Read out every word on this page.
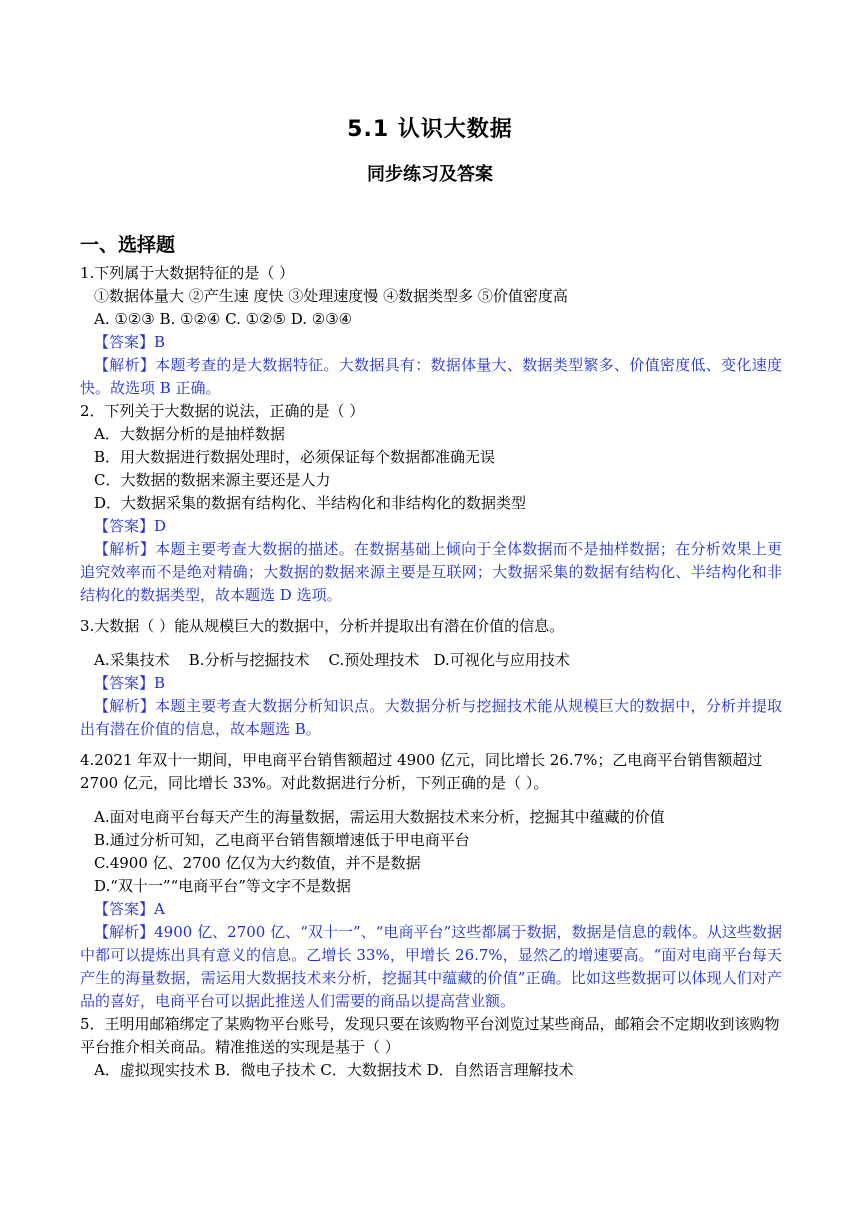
5.1 认识大数据
同步练习及答案
一、选择题

1.下列属于大数据特征的是（ ）

①数据体量大 ②产生速 度快 ③处理速度慢 ④数据类型多 ⑤价值密度高

A. ①②③ B. ①②④ C. ①②⑤ D. ②③④

【答案】B

【解析】本题考查的是大数据特征。大数据具有：数据体量大、数据类型繁多、价值密度低、变化速度快。故选项 B 正确。

2．下列关于大数据的说法，正确的是（ ）

A．大数据分析的是抽样数据

B．用大数据进行数据处理时，必须保证每个数据都准确无误

C．大数据的数据来源主要还是人力

D．大数据采集的数据有结构化、半结构化和非结构化的数据类型

【答案】D

【解析】本题主要考查大数据的描述。在数据基础上倾向于全体数据而不是抽样数据；在分析效果上更追究效率而不是绝对精确；大数据的数据来源主要是互联网；大数据采集的数据有结构化、半结构化和非结构化的数据类型，故本题选 D 选项。

3.大数据（ ）能从规模巨大的数据中，分析并提取出有潜在价值的信息。

A.采集技术    B.分析与挖掘技术    C.预处理技术   D.可视化与应用技术

【答案】B

【解析】本题主要考查大数据分析知识点。大数据分析与挖掘技术能从规模巨大的数据中，分析并提取出有潜在价值的信息，故本题选 B。

4.2021 年双十一期间，甲电商平台销售额超过 4900 亿元，同比增长 26.7%；乙电商平台销售额超过 2700 亿元，同比增长 33%。对此数据进行分析，下列正确的是（ ）。

A.面对电商平台每天产生的海量数据，需运用大数据技术来分析，挖掘其中蕴藏的价值

B.通过分析可知，乙电商平台销售额增速低于甲电商平台

C.4900 亿、2700 亿仅为大约数值，并不是数据

D.“双十一”“电商平台”等文字不是数据

【答案】A

【解析】4900 亿、2700 亿、“双十一”、“电商平台”这些都属于数据，数据是信息的载体。从这些数据中都可以提炼出具有意义的信息。乙增长 33%，甲增长 26.7%，显然乙的增速要高。“面对电商平台每天产生的海量数据，需运用大数据技术来分析，挖掘其中蕴藏的价值”正确。比如这些数据可以体现人们对产品的喜好，电商平台可以据此推送人们需要的商品以提高营业额。

5．王明用邮箱绑定了某购物平台账号，发现只要在该购物平台浏览过某些商品，邮箱会不定期收到该购物平台推介相关商品。精准推送的实现是基于（ ）

A．虚拟现实技术 B．微电子技术 C．大数据技术 D．自然语言理解技术
